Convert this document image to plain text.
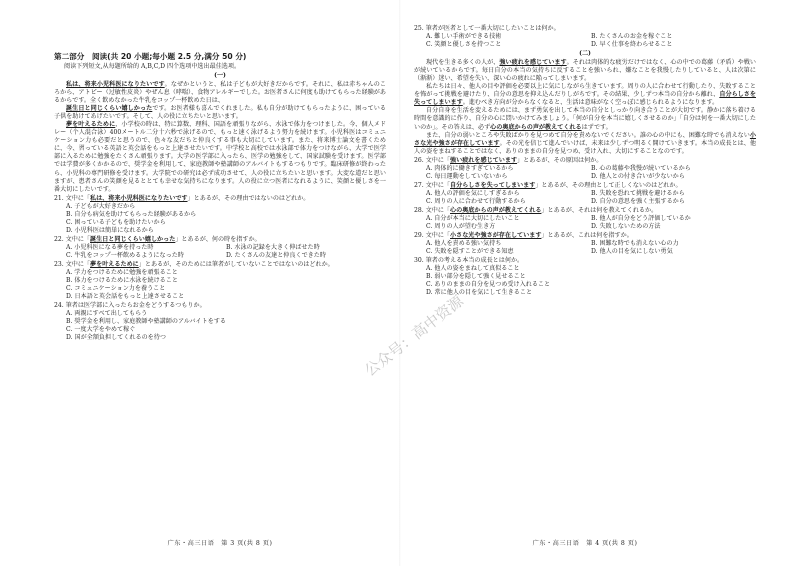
第二部分　阅读(共 20 小题;每小题 2.5 分,满分 50 分)
阅读下列短文,从每题所给的 A,B,C,D 四个选项中选出最佳选项。
(一)

私は、将来小児科医になりたいです。なぜかというと、私は子どもが大好きだからです。それに、私は赤ちゃんのころから、アトピー（过敏性皮炎）やぜん息（哮喘）、食物アレルギーでした。お医者さんに何度も助けてもらった経験があるからです。全く飲めなかった牛乳をコップ一杯飲めた日は、

誕生日と同じくらい嬉しかったです。お医者様も喜んでくれました。私も自分が助けてもらったように、困っている子供を助けてあげたいです。そして、人の役に立ちたいと思います。

夢を叶えるために、小学校の時は、特に算数、理科、国語を頑張りながら、水泳で体力をつけました。今、個人メドレー（个人混合泳）400メートル二分十六秒で泳げるので、もっと速く泳げるよう努力を続けます。小児科医はコミュニケーション力も必要だと思うので、色々な友だちと仲良くする事も大切にしています。また、将来博士論文を書くために、今、習っている英語と英会話をもっと上達させたいです。中学校と高校では水泳部で体力をつけながら、大学で医学部に入るために勉強をたくさん頑張ります。大学の医学部に入ったら、医学の勉強をして、国家試験を受けます。医学部では学費が多くかかるので、奨学金を利用して、家庭教師や塾講師のアルバイトもするつもりです。臨床研修が終わったら、小児科の専門研修を受けます。大学院での研究は必ず成功させて、人の役に立ちたいと思います。大変な道だと思いますが、患者さんの笑顔を見るととても幸せな気持ちになります。人の役に立つ医者になれるように、笑顔と優しさを一番大切にしたいです。

21. 文中に「私は、将来小児科医になりたいです」とあるが、その理由ではないのはどれか。
A. 子どもが大好きだから
B. 自分も病気を助けてもらった経験があるから
C. 困っている子どもを助けたいから
D. 小児科医は簡単になれるから
22. 文中に「誕生日と同じくらい嬉しかった」とあるが、何の時を指すか。
A. 小児科医になる夢を持った時	B. 水泳の記録を大きく伸ばせた時
C. 牛乳をコップ一杯飲めるようになった時	D. たくさんの友達と仲良くできた時
23. 文中に「夢を叶えるために」とあるが、そのためには筆者がしていないことではないのはどれか。
A. 学力をつけるために勉強を頑張ること
B. 体力をつけるために水泳を続けること
C. コミュニケーション力を養うこと
D. 日本語と英会話をもっと上達させること
24. 筆者は医学部に入ったらお金をどうするつもりか。
A. 両親にすべて出してもらう
B. 奨学金を利用し、家庭教師や塾講師のアルバイトをする
C. 一度大学をやめて稼ぐ
D. 国が全額負担してくれるのを待つ
广东・高三日语　第 3 页(共 8 页)
25. 筆者が医者として一番大切にしたいことは何か。
A. 難しい手術ができる技術	B. たくさんのお金を稼ぐこと
C. 笑顔と優しさを持つこと	D. 早く仕事を終わらせること
(二)

現代を生きる多くの人が、強い疲れを感じています。それは肉体的な疲労だけではなく、心の中での葛藤（矛盾）や戦いが続いているからです。毎日自分の本当の気持ちに反することを強いられ、嫌なことを我慢したりしていると、人は次第に（渐渐）迷い、希望を失い、深い心の疲れに陥ってしまいます。

私たちは日々、他人の目や評価を必要以上に気にしながら生きています。周りの人に合わせて行動したり、失敗することを怖がって挑戦を避けたり、自分の意思を抑え込んだりしがちです。その結果、少しずつ本当の自分から離れ、自分らしさを失ってしまいます。進むべき方向が分からなくなると、生活は意味がなく空っぽに感じられるようになります。

自分自身を生活を変えるためには、まず勇気を出して本当の自分としっかり向き合うことが大切です。静かに落ち着ける時間を意識的に作り、自分の心に問いかけてみましょう。「何が自分を本当に嬉しくさせるのか」「自分は何を一番大切にしたいのか」。その答えは、必ず心の奥底からの声が教えてくれるはずです。

また、自分の弱いところや失敗ばかりを見つめて自分を責めないでください。誰の心の中にも、困難な時でも消えない小さな光や強さが存在しています。その光を信じて進んでいけば、未来は少しずつ明るく開けていきます。本当の成長とは、他人の姿をまねすることではなく、ありのままの自分を見つめ、受け入れ、大切にすることなのです。

26. 文中に「強い疲れを感じています」とあるが、その原因は何か。
A. 肉体的に働きすぎているから	B. 心の葛藤や我慢が続いているから
C. 毎日運動をしていないから	D. 他人との付き合いが少ないから
27. 文中に「自分らしさを失ってしまいます」とあるが、その理由として正しくないのはどれか。
A. 他人の評価を気にしすぎるから	B. 失敗を恐れて挑戦を避けるから
C. 周りの人に合わせて行動するから	D. 自分の意思を強く主張するから
28. 文中に「心の奥底からの声が教えてくれる」とあるが、それは何を教えてくれるか。
A. 自分が本当に大切にしたいこと	B. 他人が自分をどう評価しているか
C. 周りの人が望む生き方	D. 失敗しないための方法
29. 文中に「小さな光や強さが存在しています」とあるが、これは何を指すか。
A. 他人を責める強い気持ち	B. 困難な時でも消えない心の力
C. 失敗を隠すことができる知恵	D. 他人の目を気にしない勇気
30. 筆者の考える本当の成長とは何か。
A. 他人の姿をまねして真似ること
B. 弱い部分を隠して強く見せること
C. ありのままの自分を見つめ受け入れること
D. 常に他人の目を気にして生きること
广东・高三日语　第 4 页(共 8 页)
公众号：高中资源
